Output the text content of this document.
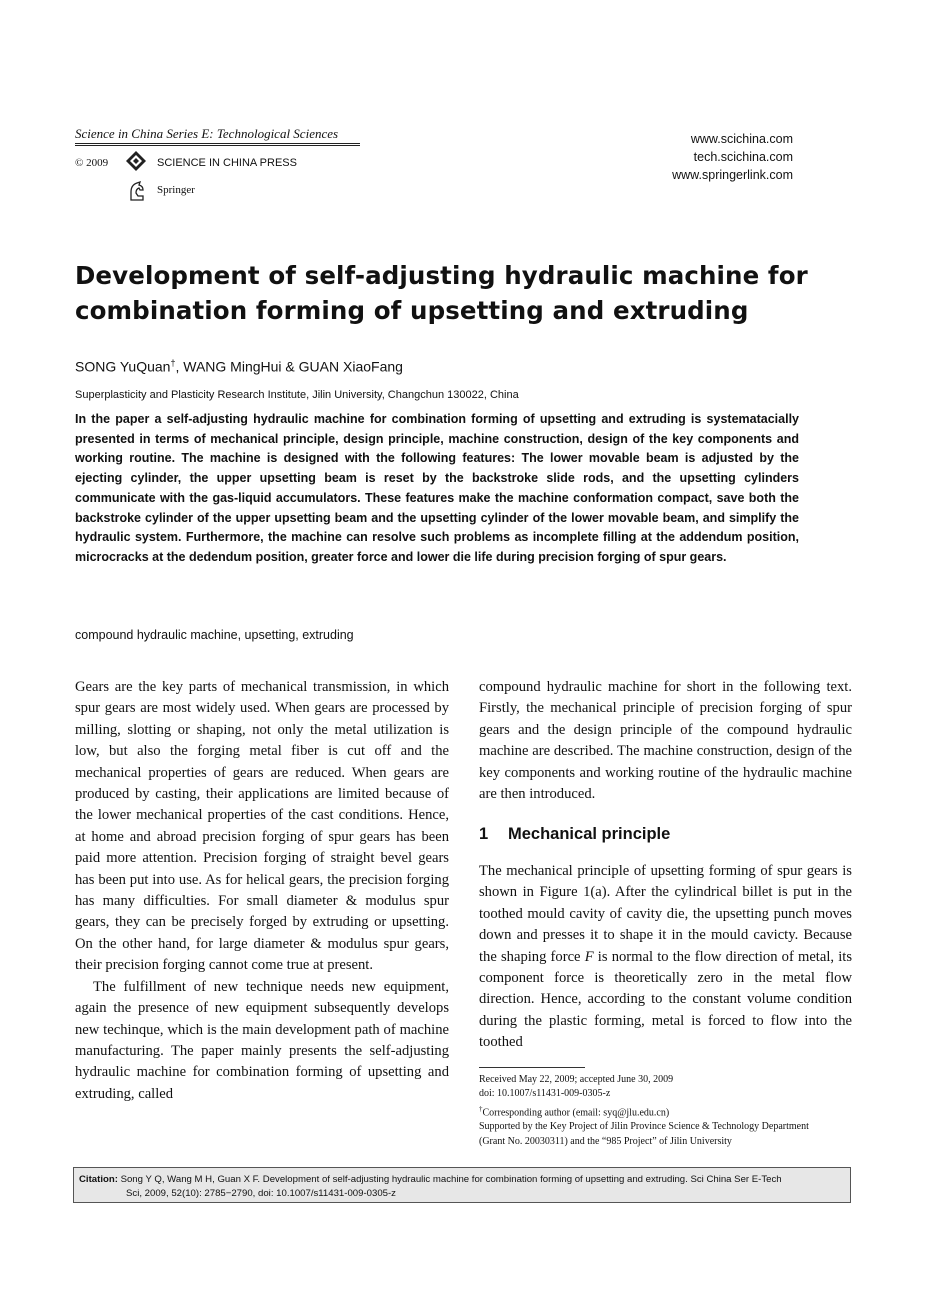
Science in China Series E: Technological Sciences
© 2009	SCIENCE IN CHINA PRESS
Springer
www.scichina.com
tech.scichina.com
www.springerlink.com
Development of self-adjusting hydraulic machine for
combination forming of upsetting and extruding
SONG YuQuan†, WANG MingHui & GUAN XiaoFang
Superplasticity and Plasticity Research Institute, Jilin University, Changchun 130022, China
In the paper a self-adjusting hydraulic machine for combination forming of upsetting and extruding is systematacially presented in terms of mechanical principle, design principle, machine construction, design of the key components and working routine. The machine is designed with the following features: The lower movable beam is adjusted by the ejecting cylinder, the upper upsetting beam is reset by the backstroke slide rods, and the upsetting cylinders communicate with the gas-liquid accumulators. These features make the machine conformation compact, save both the backstroke cylinder of the upper upsetting beam and the upsetting cylinder of the lower movable beam, and simplify the hydraulic system. Furthermore, the machine can resolve such problems as incomplete filling at the addendum position, microcracks at the dedendum position, greater force and lower die life during precision forging of spur gears.
compound hydraulic machine, upsetting, extruding

Gears are the key parts of mechanical transmission, in which spur gears are most widely used. When gears are processed by milling, slotting or shaping, not only the metal utilization is low, but also the forging metal fiber is cut off and the mechanical properties of gears are reduced. When gears are produced by casting, their applications are limited because of the lower mechanical properties of the cast conditions. Hence, at home and abroad precision forging of spur gears has been paid more attention. Precision forging of straight bevel gears has been put into use. As for helical gears, the precision forging has many difficulties. For small diameter & modulus spur gears, they can be precisely forged by extruding or upsetting. On the other hand, for large diameter & modulus spur gears, their precision forging cannot come true at present.

The fulfillment of new technique needs new equipment, again the presence of new equipment subsequently develops new techinque, which is the main development path of machine manufacturing. The paper mainly presents the self-adjusting hydraulic machine for combination forming of upsetting and extruding, called

compound hydraulic machine for short in the following text. Firstly, the mechanical principle of precision forging of spur gears and the design principle of the compound hydraulic machine are described. The machine construction, design of the key components and working routine of the hydraulic machine are then introduced.

1 Mechanical principle

The mechanical principle of upsetting forming of spur gears is shown in Figure 1(a). After the cylindrical billet is put in the toothed mould cavity of cavity die, the upsetting punch moves down and presses it to shape it in the mould cavicty. Because the shaping force F is normal to the flow direction of metal, its component force is theoretically zero in the metal flow direction. Hence, according to the constant volume condition during the plastic forming, metal is forced to flow into the toothed

Received May 22, 2009; accepted June 30, 2009
doi: 10.1007/s11431-009-0305-z
†Corresponding author (email: syq@jlu.edu.cn)
Supported by the Key Project of Jilin Province Science & Technology Department
(Grant No. 20030311) and the “985 Project” of Jilin University
Citation: Song Y Q, Wang M H, Guan X F. Development of self-adjusting hydraulic machine for combination forming of upsetting and extruding. Sci China Ser E-Tech
Sci, 2009, 52(10): 2785−2790, doi: 10.1007/s11431-009-0305-z
